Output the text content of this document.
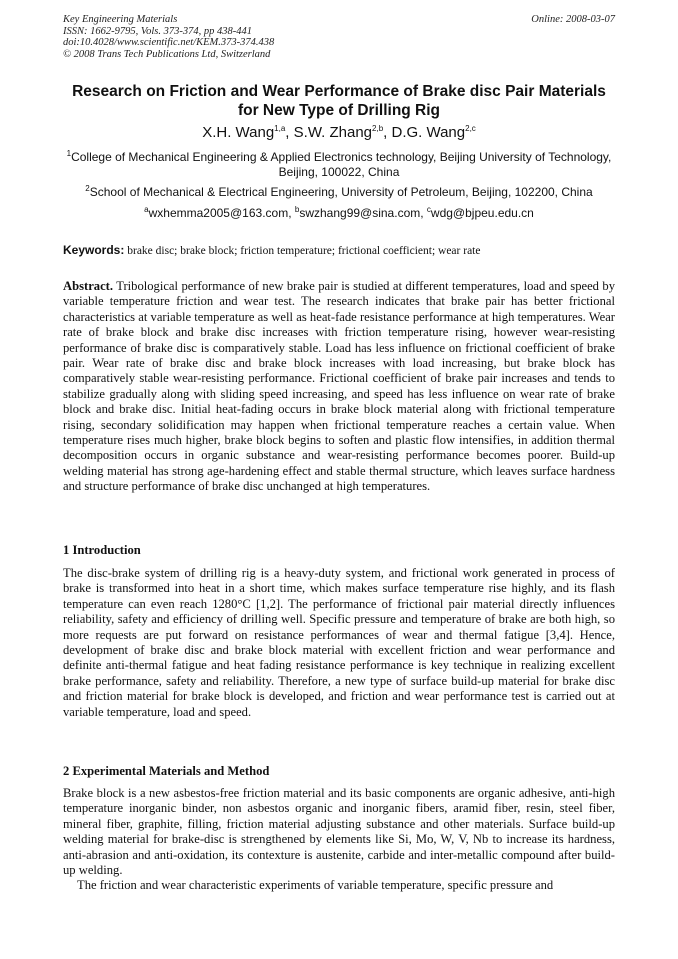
Key Engineering Materials
ISSN: 1662-9795, Vols. 373-374, pp 438-441
doi:10.4028/www.scientific.net/KEM.373-374.438
© 2008 Trans Tech Publications Ltd, Switzerland
Online: 2008-03-07
Research on Friction and Wear Performance of Brake disc Pair Materials for New Type of Drilling Rig
X.H. Wang$^{1,a}$, S.W. Zhang$^{2,b}$, D.G. Wang$^{2,c}$
$^1$College of Mechanical Engineering & Applied Electronics technology, Beijing University of Technology, Beijing, 100022, China
$^2$School of Mechanical & Electrical Engineering, University of Petroleum, Beijing, 102200, China
$^a$wxhemma2005@163.com, $^b$swzhang99@sina.com, $^c$wdg@bjpeu.edu.cn
Keywords: brake disc; brake block; friction temperature; frictional coefficient; wear rate
Abstract. Tribological performance of new brake pair is studied at different temperatures, load and speed by variable temperature friction and wear test. The research indicates that brake pair has better frictional characteristics at variable temperature as well as heat-fade resistance performance at high temperatures. Wear rate of brake block and brake disc increases with friction temperature rising, however wear-resisting performance of brake disc is comparatively stable. Load has less influence on frictional coefficient of brake pair. Wear rate of brake disc and brake block increases with load increasing, but brake block has comparatively stable wear-resisting performance. Frictional coefficient of brake pair increases and tends to stabilize gradually along with sliding speed increasing, and speed has less influence on wear rate of brake block and brake disc. Initial heat-fading occurs in brake block material along with frictional temperature rising, secondary solidification may happen when frictional temperature reaches a certain value. When temperature rises much higher, brake block begins to soften and plastic flow intensifies, in addition thermal decomposition occurs in organic substance and wear-resisting performance becomes poorer. Build-up welding material has strong age-hardening effect and stable thermal structure, which leaves surface hardness and structure performance of brake disc unchanged at high temperatures.
1 Introduction
The disc-brake system of drilling rig is a heavy-duty system, and frictional work generated in process of brake is transformed into heat in a short time, which makes surface temperature rise highly, and its flash temperature can even reach 1280°C [1,2]. The performance of frictional pair material directly influences reliability, safety and efficiency of drilling well. Specific pressure and temperature of brake are both high, so more requests are put forward on resistance performances of wear and thermal fatigue [3,4]. Hence, development of brake disc and brake block material with excellent friction and wear performance and definite anti-thermal fatigue and heat fading resistance performance is key technique in realizing excellent brake performance, safety and reliability. Therefore, a new type of surface build-up material for brake disc and friction material for brake block is developed, and friction and wear performance test is carried out at variable temperature, load and speed.
2 Experimental Materials and Method

Brake block is a new asbestos-free friction material and its basic components are organic adhesive, anti-high temperature inorganic binder, non asbestos organic and inorganic fibers, aramid fiber, resin, steel fiber, mineral fiber, graphite, filling, friction material adjusting substance and other materials. Surface build-up welding material for brake-disc is strengthened by elements like Si, Mo, W, V, Nb to increase its hardness, anti-abrasion and anti-oxidation, its contexture is austenite, carbide and inter-metallic compound after build-up welding.

The friction and wear characteristic experiments of variable temperature, specific pressure and
